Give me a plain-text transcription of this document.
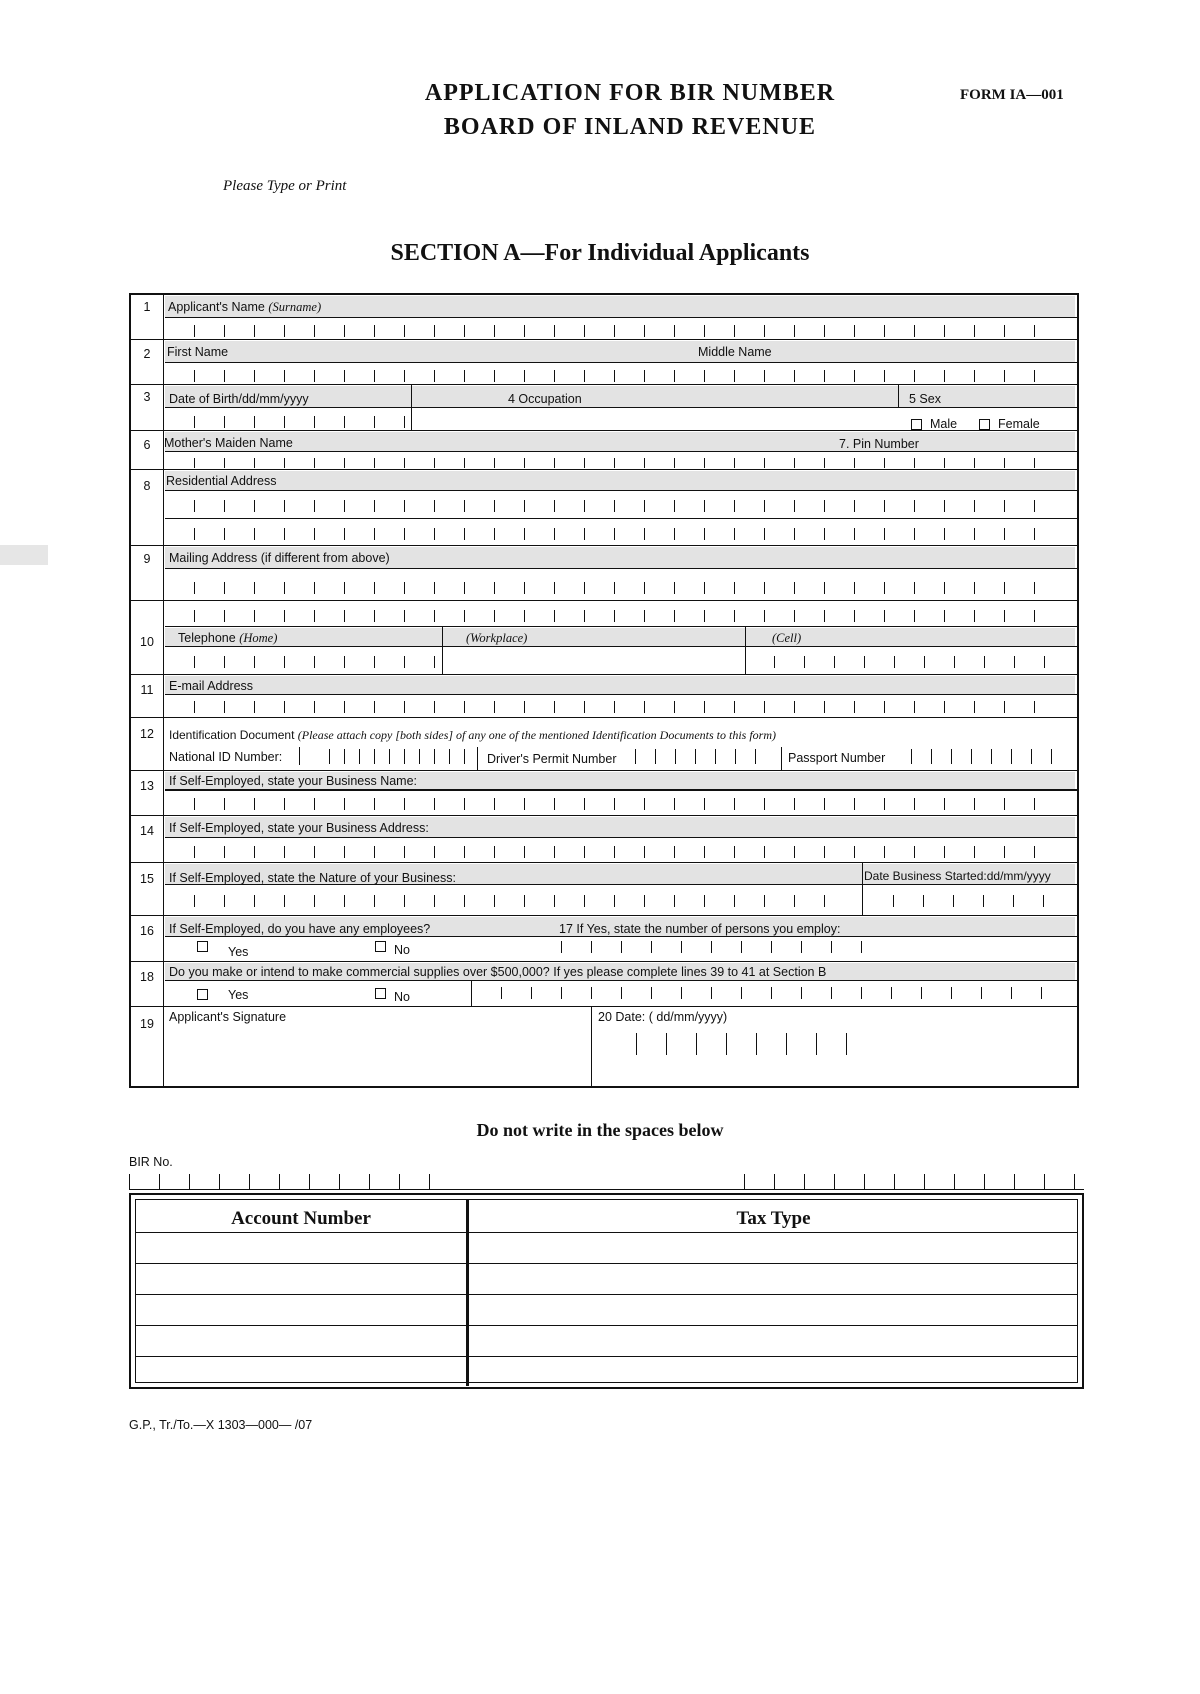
APPLICATION FOR BIR NUMBER
BOARD OF INLAND REVENUE
FORM IA—001
Please Type or Print
SECTION A—For Individual Applicants
1	Applicant's Name (Surname)
2	First Name	Middle Name
3	Date of Birth/dd/mm/yyyy	4 Occupation	5 Sex
Male	Female
6	Mother's Maiden Name	7. Pin Number
8	Residential Address
9	Mailing Address (if different from above)
10	Telephone (Home)	(Workplace)	(Cell)
11	E-mail Address
12	Identification Document (Please attach copy [both sides] of any one of the mentioned Identification Documents to this form)
National ID Number:	Driver's Permit Number	Passport Number
13	If Self-Employed, state your Business Name:
14	If Self-Employed, state your Business Address:
15	If Self-Employed, state the Nature of your Business:	Date Business Started:dd/mm/yyyy
16	If Self-Employed, do you have any employees?	17 If Yes, state the number of persons you employ:
Yes	No
18	Do you make or intend to make commercial supplies over $500,000? If yes please complete lines 39 to 41 at Section B
Yes	No
19	Applicant's Signature	20 Date: ( dd/mm/yyyy)
Do not write in the spaces below
BIR No.
Account Number	Tax Type
G.P., Tr./To.—X 1303—000— /07
